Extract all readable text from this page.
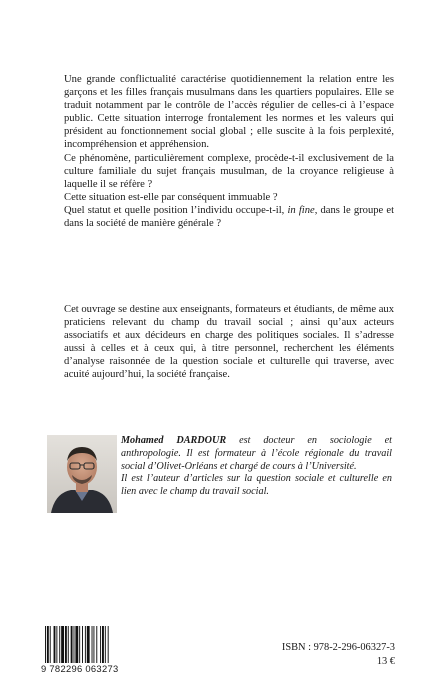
Une grande conflictualité caractérise quotidiennement la relation entre les garçons et les filles français musulmans dans les quartiers populaires. Elle se traduit notamment par le contrôle de l’accès régulier de celles-ci à l’espace public. Cette situation interroge frontalement les normes et les valeurs qui président au fonctionnement social global ; elle suscite à la fois perplexité, incompréhension et appréhension.

Ce phénomène, particulièrement complexe, procède-t-il exclusivement de la culture familiale du sujet français musulman, de la croyance religieuse à laquelle il se réfère ?

Cette situation est-elle par conséquent immuable ?

Quel statut et quelle position l’individu occupe-t-il, in fine, dans le groupe et dans la société de manière générale ?

Cet ouvrage se destine aux enseignants, formateurs et étudiants, de même aux praticiens relevant du champ du travail social ; ainsi qu’aux acteurs associatifs et aux décideurs en charge des politiques sociales. Il s’adresse aussi à celles et à ceux qui, à titre personnel, recherchent les éléments d’analyse raisonnée de la question sociale et culturelle qui traverse, avec acuité aujourd’hui, la société française.

Mohamed DARDOUR est docteur en sociologie et anthropologie. Il est formateur à l’école régionale du travail social d’Olivet-Orléans et chargé de cours à l’Université.

Il est l’auteur d’articles sur la question sociale et culturelle en lien avec le champ du travail social.

9 782296 063273
ISBN : 978-2-296-06327-3
13 €
